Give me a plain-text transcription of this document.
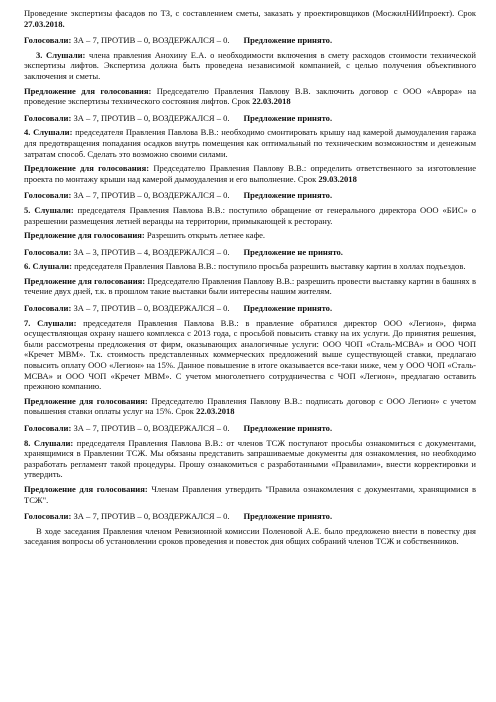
Проведение экспертизы фасадов по ТЗ, с составлением сметы, заказать у проектировщиков (МосжилНИИпроект). Срок 27.03.2018.

Голосовали: ЗА – 7, ПРОТИВ – 0, ВОЗДЕРЖАЛСЯ – 0. Предложение принято.

3. Слушали: члена правления Анохину Е.А. о необходимости включения в смету расходов стоимости технической экспертизы лифтов. Экспертиза должна быть проведена независимой компанией, с целью получения объективного заключения и сметы.

Предложение для голосования: Председателю Правления Павлову В.В. заключить договор с ООО «Аврора» на проведение экспертизы технического состояния лифтов. Срок 22.03.2018

Голосовали: ЗА – 7, ПРОТИВ – 0, ВОЗДЕРЖАЛСЯ – 0. Предложение принято.

4. Слушали: председателя Правления Павлова В.В.: необходимо смонтировать крышу над камерой дымоудаления гаража для предотвращения попадания осадков внутрь помещения как оптимальный по техническим возможностям и денежным затратам способ. Сделать это возможно своими силами.

Предложение для голосования: Председателю Правления Павлову В.В.: определить ответственного за изготовление проекта по монтажу крыши над камерой дымоудаления и его выполнение. Срок 29.03.2018

Голосовали: ЗА – 7, ПРОТИВ – 0, ВОЗДЕРЖАЛСЯ – 0. Предложение принято.

5. Слушали: председателя Правления Павлова В.В.: поступило обращение от генерального директора ООО «БИС» о разрешении размещения летней веранды на территории, примыкающей к ресторану.

Предложение для голосования: Разрешить открыть летнее кафе.

Голосовали: ЗА – 3, ПРОТИВ – 4, ВОЗДЕРЖАЛСЯ – 0. Предложение не принято.

6. Слушали: председателя Правления Павлова В.В.: поступило просьба разрешить выставку картин в холлах подъездов.

Предложение для голосования: Председателю Правления Павлову В.В.: разрешить провести выставку картин в башнях в течение двух дней, т.к. в прошлом такие выставки были интересны нашим жителям.

Голосовали: ЗА – 7, ПРОТИВ – 0, ВОЗДЕРЖАЛСЯ – 0. Предложение принято.

7. Слушали: председателя Правления Павлова В.В.: в правление обратился директор ООО «Легион», фирма осуществляющая охрану нашего комплекса с 2013 года, с просьбой повысить ставку на их услуги. До принятия решения, были рассмотрены предложения от фирм, оказывающих аналогичные услуги: ООО ЧОП «Сталь-МСВА» и ООО ЧОП «Кречет МВМ». Т.к. стоимость представленных коммерческих предложений выше существующей ставки, предлагаю повысить оплату ООО «Легион» на 15%. Данное повышение в итоге оказывается все-таки ниже, чем у ООО ЧОП «Сталь-МСВА» и ООО ЧОП «Кречет МВМ». С учетом многолетнего сотрудничества с ЧОП «Легион», предлагаю оставить прежнюю компанию.

Предложение для голосования: Председателю Правления Павлову В.В.: подписать договор с ООО Легион» с учетом повышения ставки оплаты услуг на 15%. Срок 22.03.2018

Голосовали: ЗА – 7, ПРОТИВ – 0, ВОЗДЕРЖАЛСЯ – 0. Предложение принято.

8. Слушали: председателя Правления Павлова В.В.: от членов ТСЖ поступают просьбы ознакомиться с документами, хранящимися в Правлении ТСЖ. Мы обязаны представить запрашиваемые документы для ознакомления, но необходимо разработать регламент такой процедуры. Прошу ознакомиться с разработанными «Правилами», внести корректировки и утвердить.

Предложение для голосования: Членам Правления утвердить "Правила ознакомления с документами, хранящимися в ТСЖ".

Голосовали: ЗА – 7, ПРОТИВ – 0, ВОЗДЕРЖАЛСЯ – 0. Предложение принято.

В ходе заседания Правления членом Ревизионной комиссии Поленовой А.Е. было предложено внести в повестку дня заседания вопросы об установлении сроков проведения и повесток дня общих собраний членов ТСЖ и собственников.
